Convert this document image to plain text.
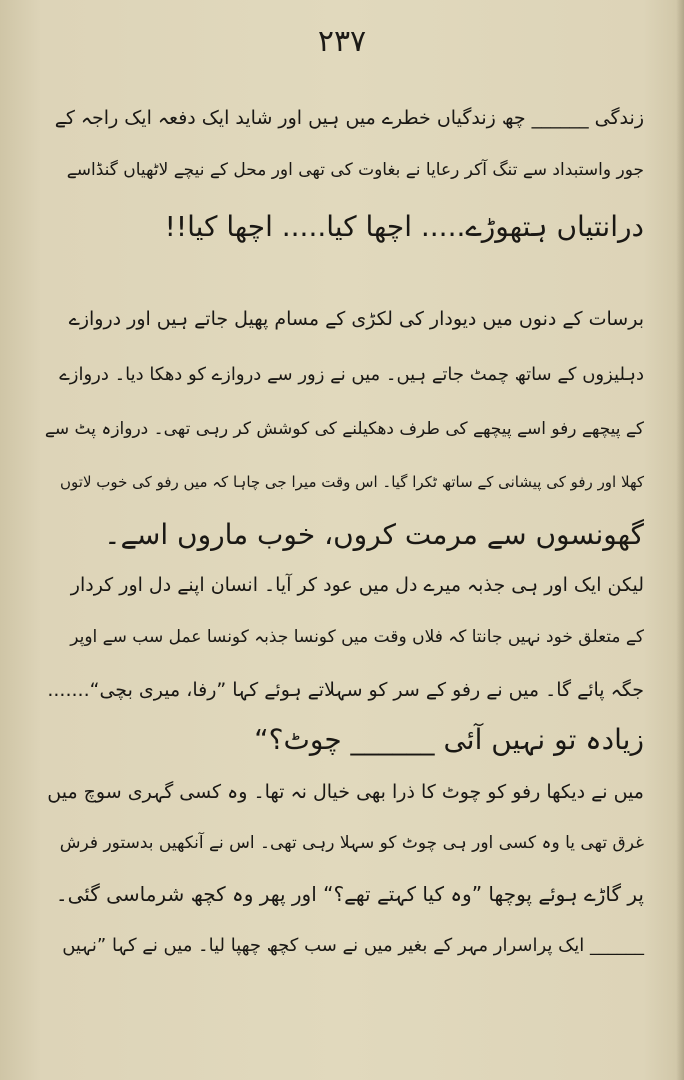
۲۳۷
زندگی ______ چھ زندگیاں خطرے میں ہیں اور شاید ایک دفعہ ایک راجہ کے
جور واستبداد سے تنگ آکر رعایا نے بغاوت کی تھی اور محل کے نیچے لاٹھیاں گنڈاسے
درانتیاں ہتھوڑے..... اچھا کیا..... اچھا کیا!!
برسات کے دنوں میں دیودار کی لکڑی کے مسام پھیل جاتے ہیں اور دروازے
دہلیزوں کے ساتھ چمٹ جاتے ہیں۔ میں نے زور سے دروازے کو دھکا دیا۔ دروازے
کے پیچھے رفو اسے پیچھے کی طرف دھکیلنے کی کوشش کر رہی تھی۔ دروازہ پٹ سے
کھلا اور رفو کی پیشانی کے ساتھ ٹکرا گیا۔ اس وقت میرا جی چاہا کہ میں رفو کی خوب لاتوں
گھونسوں سے مرمت کروں، خوب ماروں اسے۔
لیکن ایک اور ہی جذبہ میرے دل میں عود کر آیا۔ انسان اپنے دل اور کردار
کے متعلق خود نہیں جانتا کہ فلاں وقت میں کونسا جذبہ کونسا عمل سب سے اوپر
جگہ پائے گا۔ میں نے رفو کے سر کو سہلاتے ہوئے کہا ”رفا، میری بچی“.......
زیادہ تو نہیں آئی ______ چوٹ؟“
میں نے دیکھا رفو کو چوٹ کا ذرا بھی خیال نہ تھا۔ وہ کسی گہری سوچ میں
غرق تھی یا وہ کسی اور ہی چوٹ کو سہلا رہی تھی۔ اس نے آنکھیں بدستور فرش
پر گاڑے ہوئے پوچھا ”وہ کیا کہتے تھے؟“ اور پھر وہ کچھ شرماسی گئی۔
______ ایک پراسرار مہر کے بغیر میں نے سب کچھ چھپا لیا۔ میں نے کہا ”نہیں
